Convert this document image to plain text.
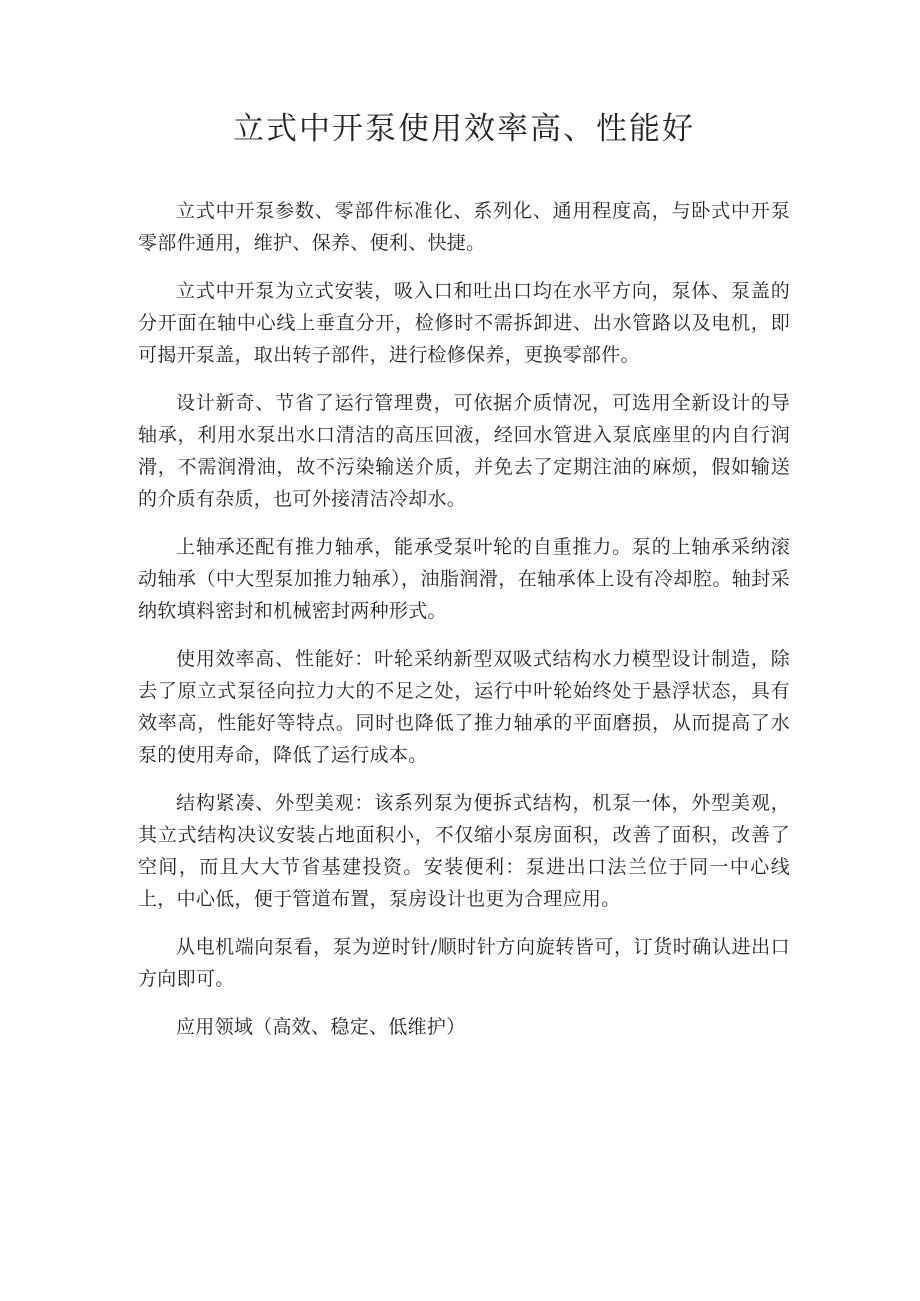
立式中开泵使用效率高、性能好

立式中开泵参数、零部件标准化、系列化、通用程度高，与卧式中开泵零部件通用，维护、保养、便利、快捷。

立式中开泵为立式安装，吸入口和吐出口均在水平方向，泵体、泵盖的分开面在轴中心线上垂直分开，检修时不需拆卸进、出水管路以及电机，即可揭开泵盖，取出转子部件，进行检修保养，更换零部件。

设计新奇、节省了运行管理费，可依据介质情况，可选用全新设计的导轴承，利用水泵出水口清洁的高压回液，经回水管进入泵底座里的内自行润滑，不需润滑油，故不污染输送介质，并免去了定期注油的麻烦，假如输送的介质有杂质，也可外接清洁冷却水。

上轴承还配有推力轴承，能承受泵叶轮的自重推力。泵的上轴承采纳滚动轴承（中大型泵加推力轴承），油脂润滑，在轴承体上设有冷却腔。轴封采纳软填料密封和机械密封两种形式。

使用效率高、性能好：叶轮采纳新型双吸式结构水力模型设计制造，除去了原立式泵径向拉力大的不足之处，运行中叶轮始终处于悬浮状态，具有效率高，性能好等特点。同时也降低了推力轴承的平面磨损，从而提高了水泵的使用寿命，降低了运行成本。

结构紧凑、外型美观：该系列泵为便拆式结构，机泵一体，外型美观，其立式结构决议安装占地面积小，不仅缩小泵房面积，改善了面积，改善了空间，而且大大节省基建投资。安装便利：泵进出口法兰位于同一中心线上，中心低，便于管道布置，泵房设计也更为合理应用。

从电机端向泵看，泵为逆时针/顺时针方向旋转皆可，订货时确认进出口方向即可。

应用领域（高效、稳定、低维护）
